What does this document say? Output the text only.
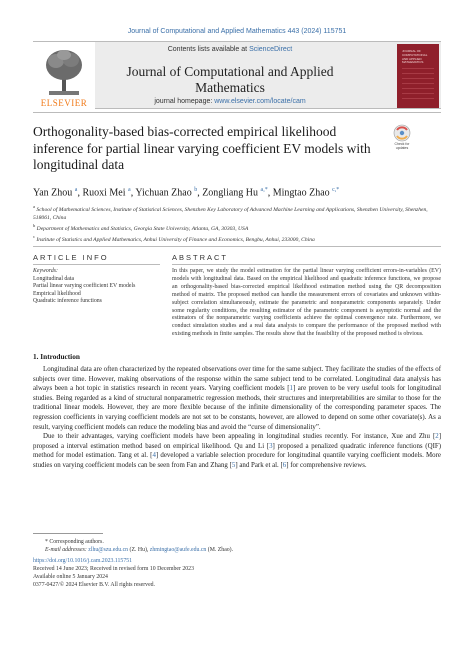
Journal of Computational and Applied Mathematics 443 (2024) 115751
ELSEVIER
Contents lists available at ScienceDirect
Journal of Computational and Applied Mathematics
journal homepage: www.elsevier.com/locate/cam
JOURNAL OF COMPUTATIONAL AND APPLIED MATHEMATICS
Check for updates
Orthogonality-based bias-corrected empirical likelihood inference for partial linear varying coefficient EV models with longitudinal data
Yan Zhou $^a$, Ruoxi Mei $^a$, Yichuan Zhao $^b$, Zongliang Hu $^{a,*}$, Mingtao Zhao $^{c,*}$
$^a$ School of Mathematical Sciences, Institute of Statistical Sciences, Shenzhen Key Laboratory of Advanced Machine Learning and Applications, Shenzhen University, Shenzhen, 518061, China
$^b$ Department of Mathematics and Statistics, Georgia State University, Atlanta, GA, 30303, USA
$^c$ Institute of Statistics and Applied Mathematics, Anhui University of Finance and Economics, Bengbu, Anhui, 233000, China
ARTICLE INFO
Keywords:
Longitudinal data
Partial linear varying coefficient EV models
Empirical likelihood
Quadratic inference functions
ABSTRACT
In this paper, we study the model estimation for the partial linear varying coefficient errors-in-variables (EV) models with longitudinal data. Based on the empirical likelihood and quadratic inference functions, we propose an orthogonality-based bias-corrected empirical likelihood estimation method using the QR decomposition method of matrix. The proposed method can handle the measurement errors of covariates and unknown within-subject correlation simultaneously, estimate the parametric and nonparametric components separately. Under some regularity conditions, the resulting estimator of the parametric component is asymptotic normal and the estimators of the nonparametric varying coefficients achieve the optimal convergence rate. Furthermore, we conduct simulation studies and a real data analysis to compare the performance of the proposed method with existing methods in finite samples. The results show that the feasibility of the proposed method is obvious.
1. Introduction

Longitudinal data are often characterized by the repeated observations over time for the same subject. They facilitate the studies of the effects of subjects over time. However, making observations of the response within the same subject tend to be correlated. Longitudinal data analysis has always been a hot topic in statistics research in recent years. Varying coefficient models [1] are proven to be very useful tools for longitudinal studies. Being regarded as a kind of structural nonparametric regression methods, their structures and interpretabilities are similar to those for the traditional linear models. However, they are more flexible because of the infinite dimensionality of the corresponding parameter spaces. The regression coefficients in varying coefficient models are not set to be constants, however, are allowed to depend on some other covariate(s). As a result, varying coefficient models can reduce the modeling bias and avoid the “curse of dimensionality”.

Due to their advantages, varying coefficient models have been appealing in longitudinal studies recently. For instance, Xue and Zhu [2] proposed a interval estimation method based on empirical likelihood. Qu and Li [3] proposed a penalized quadratic inference functions (QIF) method for model estimation. Tang et al. [4] developed a variable selection procedure for longitudinal quantile varying coefficient models. More studies on varying coefficient models can be seen from Fan and Zhang [5] and Park et al. [6] for comprehensive reviews.

* Corresponding authors.
E-mail addresses: zlhu@szu.edu.cn (Z. Hu), zhmingtao@aufe.edu.cn (M. Zhao).
https://doi.org/10.1016/j.cam.2023.115751
Received 14 June 2023; Received in revised form 10 December 2023
Available online 5 January 2024
0377-0427/© 2024 Elsevier B.V. All rights reserved.
